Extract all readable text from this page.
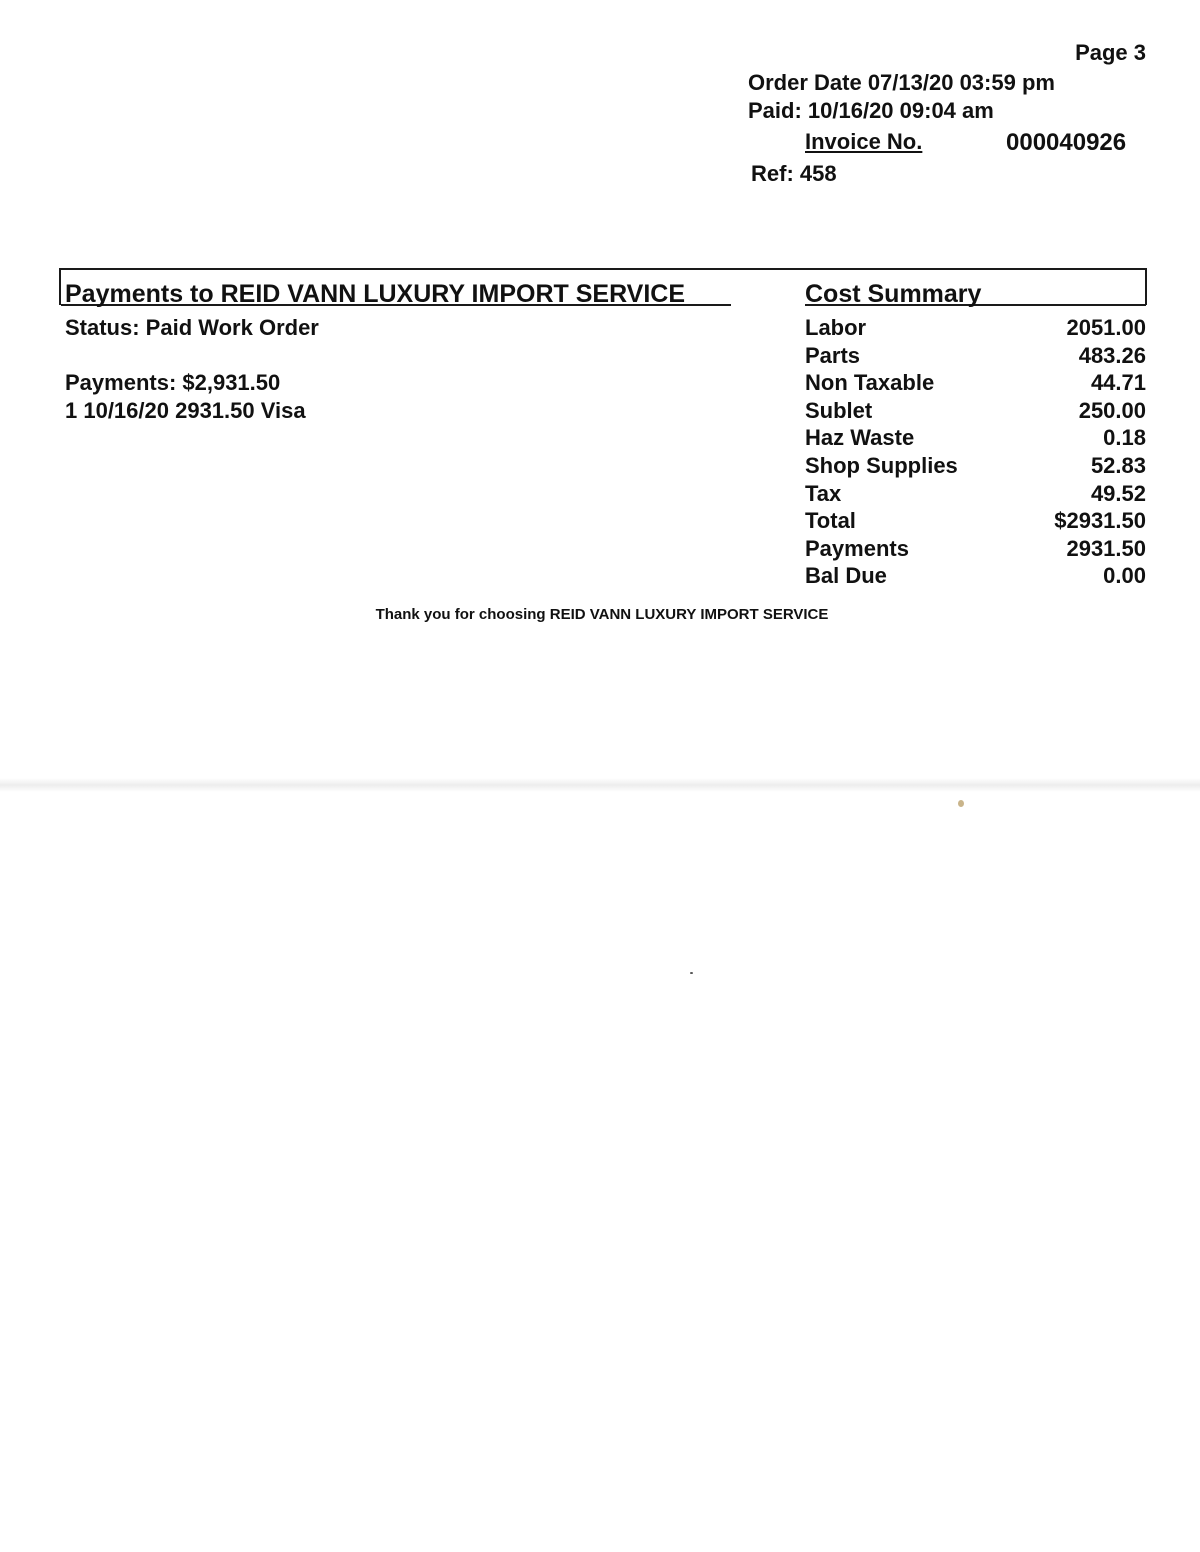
Page 3
Order Date 07/13/20 03:59 pm
Paid: 10/16/20 09:04 am
Invoice No.	000040926
Ref: 458
Payments to REID VANN LUXURY IMPORT SERVICE	Cost Summary
Status: Paid Work Order
Payments: $2,931.50
1 10/16/20 2931.50 Visa
Labor	2051.00
Parts	483.26
Non Taxable	44.71
Sublet	250.00
Haz Waste	0.18
Shop Supplies	52.83
Tax	49.52
Total	$2931.50
Payments	2931.50
Bal Due	0.00
Thank you for choosing REID VANN LUXURY IMPORT SERVICE
